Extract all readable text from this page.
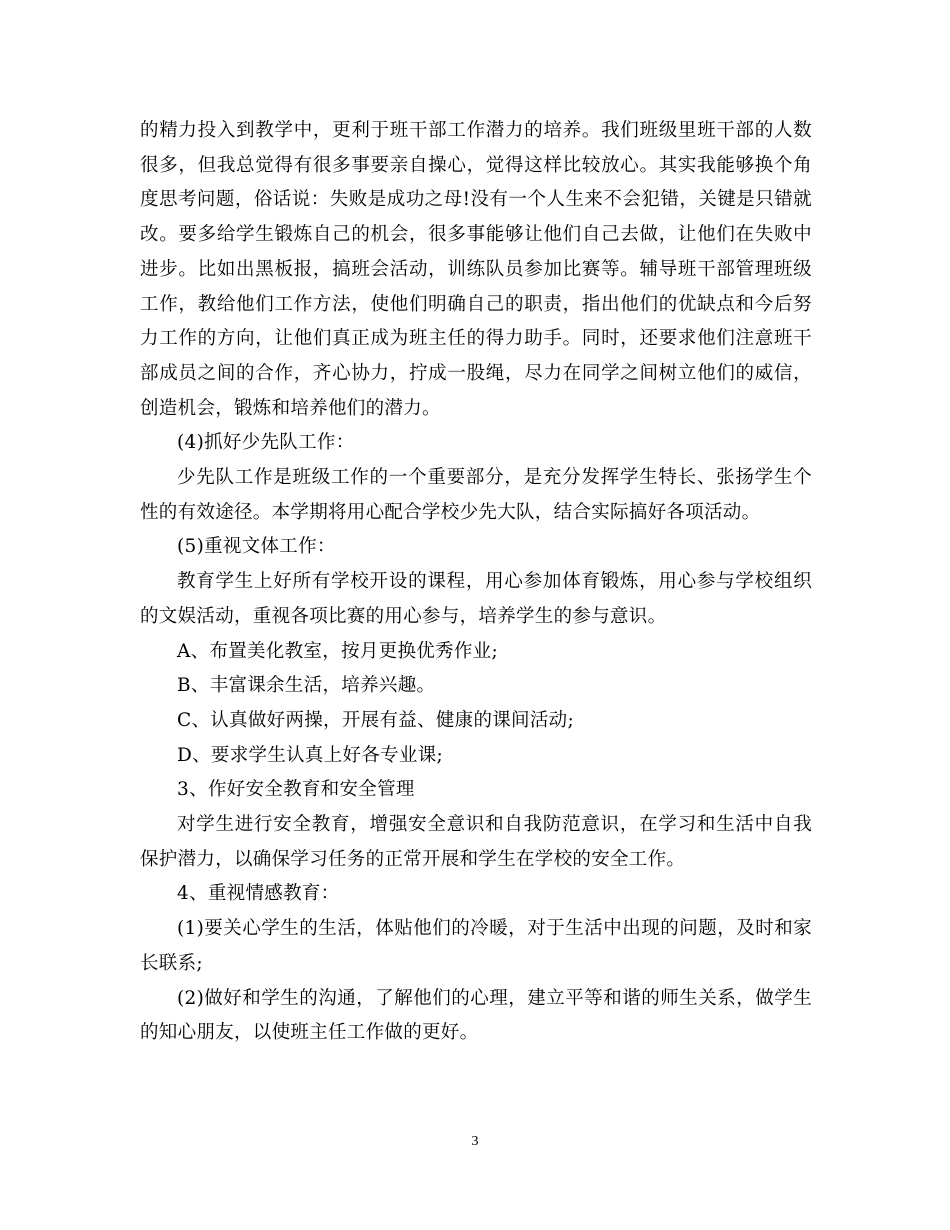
的精力投入到教学中，更利于班干部工作潜力的培养。我们班级里班干部的人数很多，但我总觉得有很多事要亲自操心，觉得这样比较放心。其实我能够换个角度思考问题，俗话说：失败是成功之母!没有一个人生来不会犯错，关键是只错就改。要多给学生锻炼自己的机会，很多事能够让他们自己去做，让他们在失败中进步。比如出黑板报，搞班会活动，训练队员参加比赛等。辅导班干部管理班级工作，教给他们工作方法，使他们明确自己的职责，指出他们的优缺点和今后努力工作的方向，让他们真正成为班主任的得力助手。同时，还要求他们注意班干部成员之间的合作，齐心协力，拧成一股绳，尽力在同学之间树立他们的威信，创造机会，锻炼和培养他们的潜力。

(4)抓好少先队工作：

少先队工作是班级工作的一个重要部分，是充分发挥学生特长、张扬学生个性的有效途径。本学期将用心配合学校少先大队，结合实际搞好各项活动。

(5)重视文体工作：

教育学生上好所有学校开设的课程，用心参加体育锻炼，用心参与学校组织的文娱活动，重视各项比赛的用心参与，培养学生的参与意识。

A、布置美化教室，按月更换优秀作业;

B、丰富课余生活，培养兴趣。

C、认真做好两操，开展有益、健康的课间活动;

D、要求学生认真上好各专业课;

3、作好安全教育和安全管理

对学生进行安全教育，增强安全意识和自我防范意识，在学习和生活中自我保护潜力，以确保学习任务的正常开展和学生在学校的安全工作。

4、重视情感教育：

(1)要关心学生的生活，体贴他们的冷暖，对于生活中出现的问题，及时和家长联系;

(2)做好和学生的沟通，了解他们的心理，建立平等和谐的师生关系，做学生的知心朋友，以使班主任工作做的更好。

3
